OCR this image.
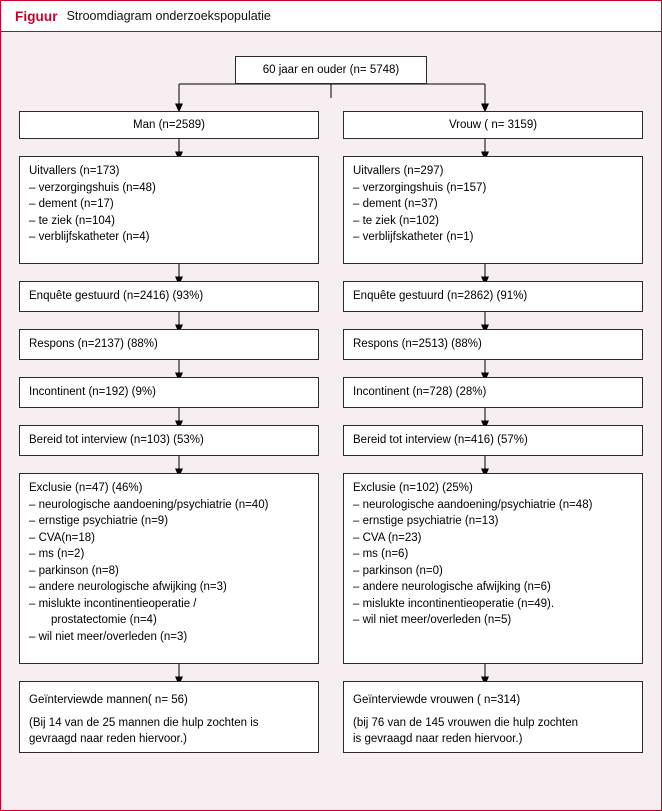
Figuur Stroomdiagram onderzoekspopulatie
60 jaar en ouder (n= 5748)
Man (n=2589)
Uitvallers (n=173)
– verzorgingshuis (n=48)
– dement (n=17)
– te ziek (n=104)
– verblijfskatheter (n=4)
Enquête gestuurd (n=2416) (93%)
Respons (n=2137) (88%)
Incontinent (n=192) (9%)
Bereid tot interview (n=103) (53%)
Exclusie (n=47) (46%)
– neurologische aandoening/psychiatrie (n=40)
– ernstige psychiatrie (n=9)
– CVA(n=18)
– ms (n=2)
– parkinson (n=8)
– andere neurologische afwijking (n=3)
– mislukte incontinentieoperatie /
prostatectomie (n=4)
– wil niet meer/overleden (n=3)
Geïnterviewde mannen( n= 56)
(Bij 14 van de 25 mannen die hulp zochten is
gevraagd naar reden hiervoor.)
Vrouw ( n= 3159)
Uitvallers (n=297)
– verzorgingshuis (n=157)
– dement (n=37)
– te ziek (n=102)
– verblijfskatheter (n=1)
Enquête gestuurd (n=2862) (91%)
Respons (n=2513) (88%)
Incontinent (n=728) (28%)
Bereid tot interview (n=416) (57%)
Exclusie (n=102) (25%)
– neurologische aandoening/psychiatrie (n=48)
– ernstige psychiatrie (n=13)
– CVA (n=23)
– ms (n=6)
– parkinson (n=0)
– andere neurologische afwijking (n=6)
– mislukte incontinentieoperatie (n=49).
– wil niet meer/overleden (n=5)
Geïnterviewde vrouwen ( n=314)
(bij 76 van de 145 vrouwen die hulp zochten
is gevraagd naar reden hiervoor.)
